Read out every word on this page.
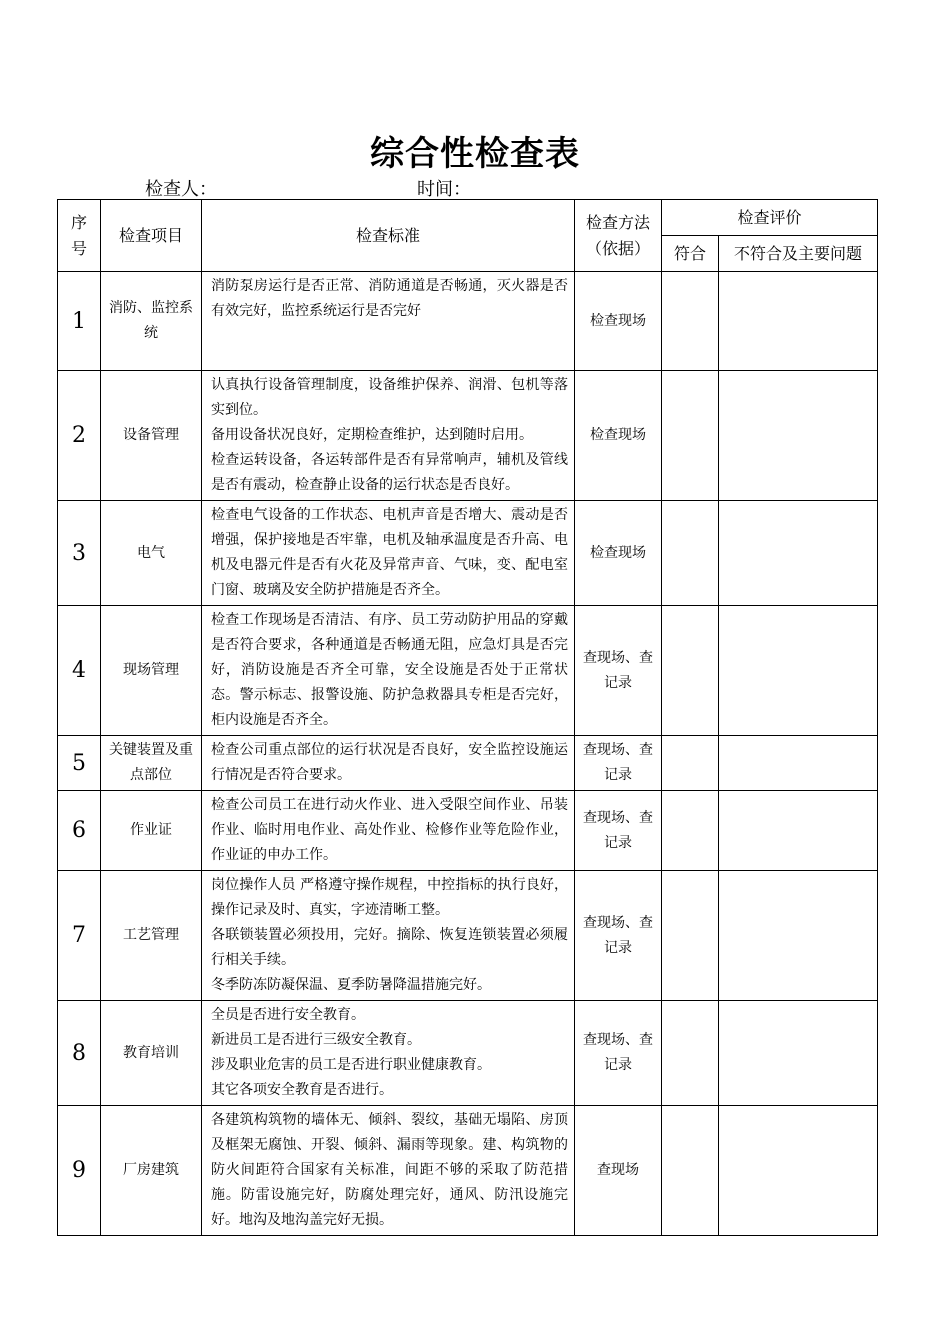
综合性检查表
检查人：	时间：
序号	检查项目	检查标准	检查方法（依据）	检查评价	
				符合	不符合及主要问题
1	消防、监控系统	消防泵房运行是否正常、消防通道是否畅通，灭火器是否有效完好，监控系统运行是否完好	检查现场		
2	设备管理	认真执行设备管理制度，设备维护保养、润滑、包机等落实到位。

备用设备状况良好，定期检查维护，达到随时启用。

检查运转设备，各运转部件是否有异常响声，辅机及管线是否有震动，检查静止设备的运行状态是否良好。	检查现场		
3	电气	检查电气设备的工作状态、电机声音是否增大、震动是否增强，保护接地是否牢靠，电机及轴承温度是否升高、电机及电器元件是否有火花及异常声音、气味，变、配电室门窗、玻璃及安全防护措施是否齐全。	检查现场		
4	现场管理	检查工作现场是否清洁、有序、员工劳动防护用品的穿戴是否符合要求，各种通道是否畅通无阻，应急灯具是否完好，消防设施是否齐全可靠，安全设施是否处于正常状态。警示标志、报警设施、防护急救器具专柜是否完好，柜内设施是否齐全。	查现场、查记录		
5	关键装置及重点部位	检查公司重点部位的运行状况是否良好，安全监控设施运行情况是否符合要求。	查现场、查记录		
6	作业证	检查公司员工在进行动火作业、进入受限空间作业、吊装作业、临时用电作业、高处作业、检修作业等危险作业，作业证的申办工作。	查现场、查记录		
7	工艺管理	岗位操作人员 严格遵守操作规程，中控指标的执行良好，操作记录及时、真实，字迹清晰工整。

各联锁装置必须投用，完好。摘除、恢复连锁装置必须履行相关手续。

冬季防冻防凝保温、夏季防暑降温措施完好。	查现场、查记录		
8	教育培训	全员是否进行安全教育。

新进员工是否进行三级安全教育。

涉及职业危害的员工是否进行职业健康教育。

其它各项安全教育是否进行。	查现场、查记录		
9	厂房建筑	各建筑构筑物的墙体无、倾斜、裂纹，基础无塌陷、房顶及框架无腐蚀、开裂、倾斜、漏雨等现象。建、构筑物的防火间距符合国家有关标准，间距不够的采取了防范措施。防雷设施完好，防腐处理完好，通风、防汛设施完好。地沟及地沟盖完好无损。	查现场		
